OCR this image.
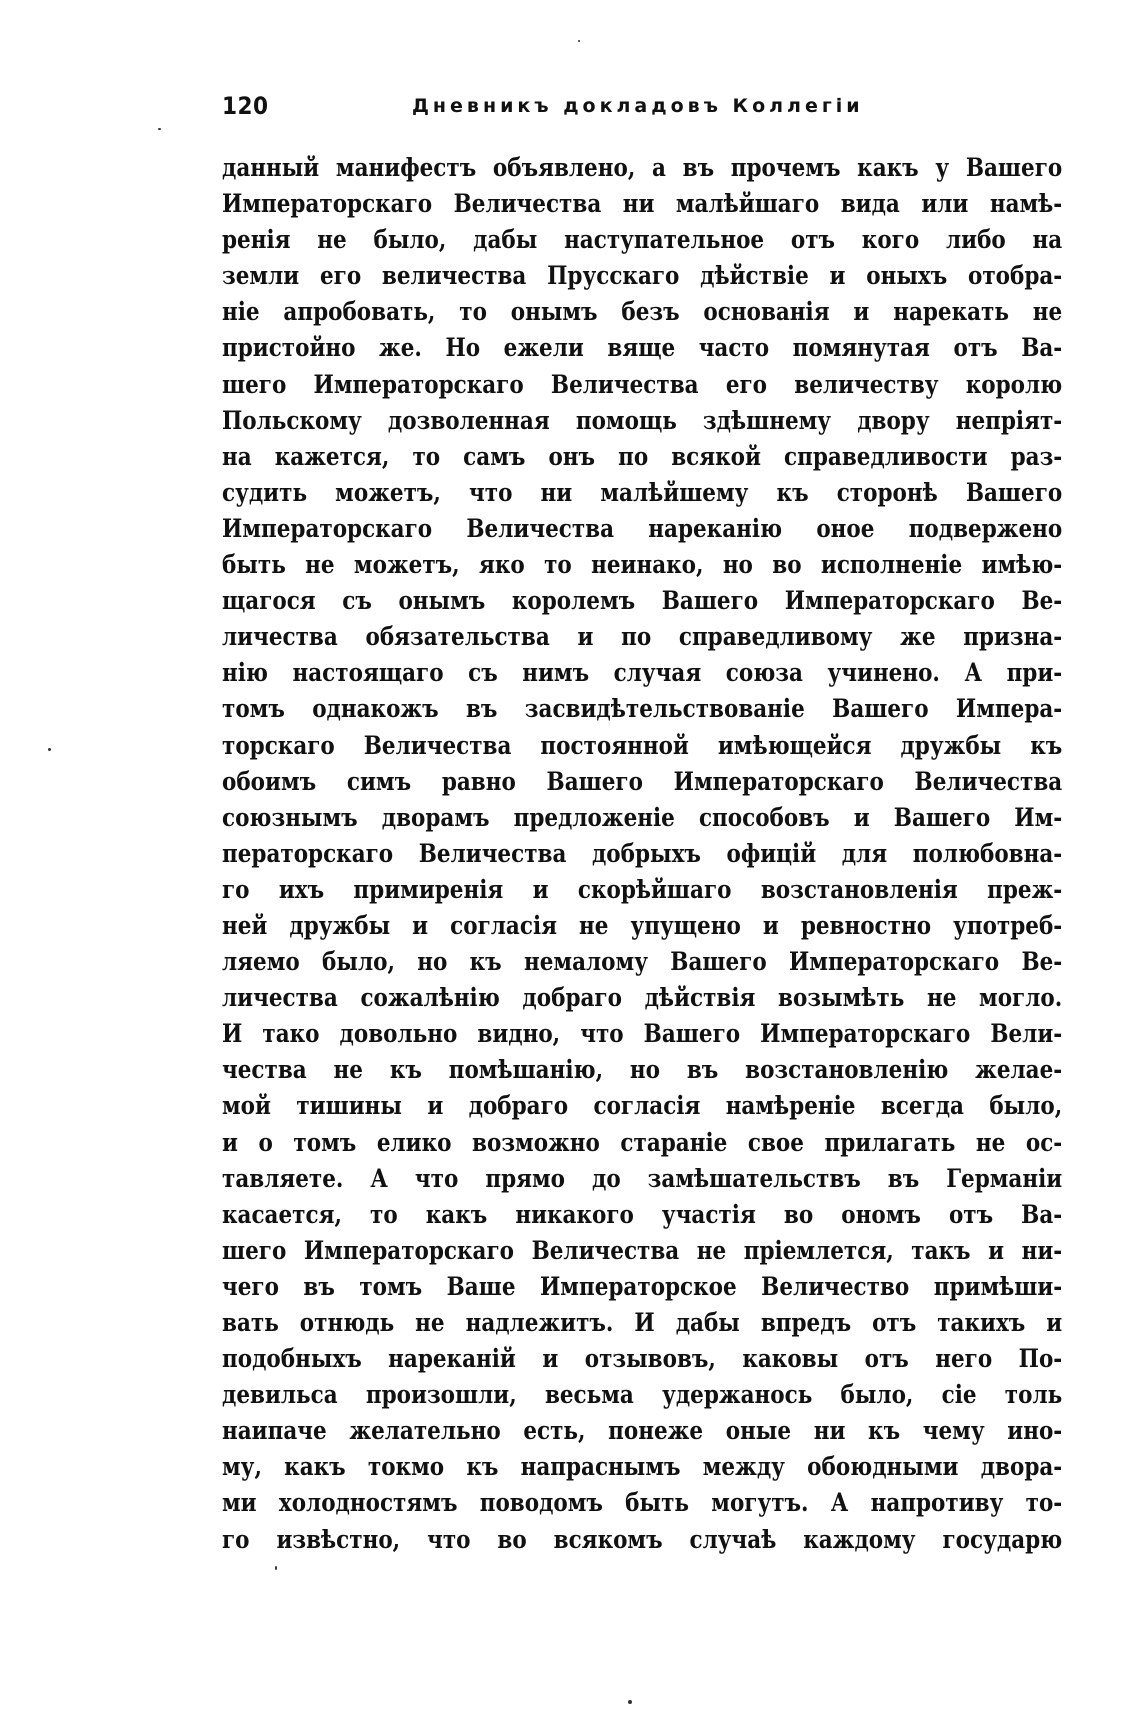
120	Дневникъ докладовъ Коллегіи
данный манифестъ объявлено, а въ прочемъ какъ у Вашего
Императорскаго Величества ни малѣйшаго вида или намѣ-
ренія не было, дабы наступательное отъ кого либо на
земли его величества Прусскаго дѣйствіе и оныхъ отобра-
ніе апробовать, то онымъ безъ основанія и нарекать не
пристойно же. Но ежели вяще часто помянутая отъ Ва-
шего Императорскаго Величества его величеству королю
Польскому дозволенная помощь здѣшнему двору непріят-
на кажется, то самъ онъ по всякой справедливости раз-
судить можетъ, что ни малѣйшему къ сторонѣ Вашего
Императорскаго Величества нареканію оное подвержено
быть не можетъ, яко то неинако, но во исполненіе имѣю-
щагося съ онымъ королемъ Вашего Императорскаго Ве-
личества обязательства и по справедливому же призна-
нію настоящаго съ нимъ случая союза учинено. А при-
томъ однакожъ въ засвидѣтельствованіе Вашего Импера-
торскаго Величества постоянной имѣющейся дружбы къ
обоимъ симъ равно Вашего Императорскаго Величества
союзнымъ дворамъ предложеніе способовъ и Вашего Им-
ператорскаго Величества добрыхъ офицій для полюбовна-
го ихъ примиренія и скорѣйшаго возстановленія преж-
ней дружбы и согласія не упущено и ревностно употреб-
ляемо было, но къ немалому Вашего Императорскаго Ве-
личества сожалѣнію добраго дѣйствія возымѣть не могло.
И тако довольно видно, что Вашего Императорскаго Вели-
чества не къ помѣшанію, но въ возстановленію желае-
мой тишины и добраго согласія намѣреніе всегда было,
и о томъ елико возможно стараніе свое прилагать не ос-
тавляете. А что прямо до замѣшательствъ въ Германіи
касается, то какъ никакого участія во ономъ отъ Ва-
шего Императорскаго Величества не пріемлется, такъ и ни-
чего въ томъ Ваше Императорское Величество примѣши-
вать отнюдь не надлежитъ. И дабы впредъ отъ такихъ и
подобныхъ нареканій и отзывовъ, каковы отъ него По-
девильса произошли, весьма удержанось было, сіе толь
наипаче желательно есть, понеже оные ни къ чему ино-
му, какъ токмо къ напраснымъ между обоюдными двора-
ми холодностямъ поводомъ быть могутъ. А напротиву то-
го извѣстно, что во всякомъ случаѣ каждому государю
